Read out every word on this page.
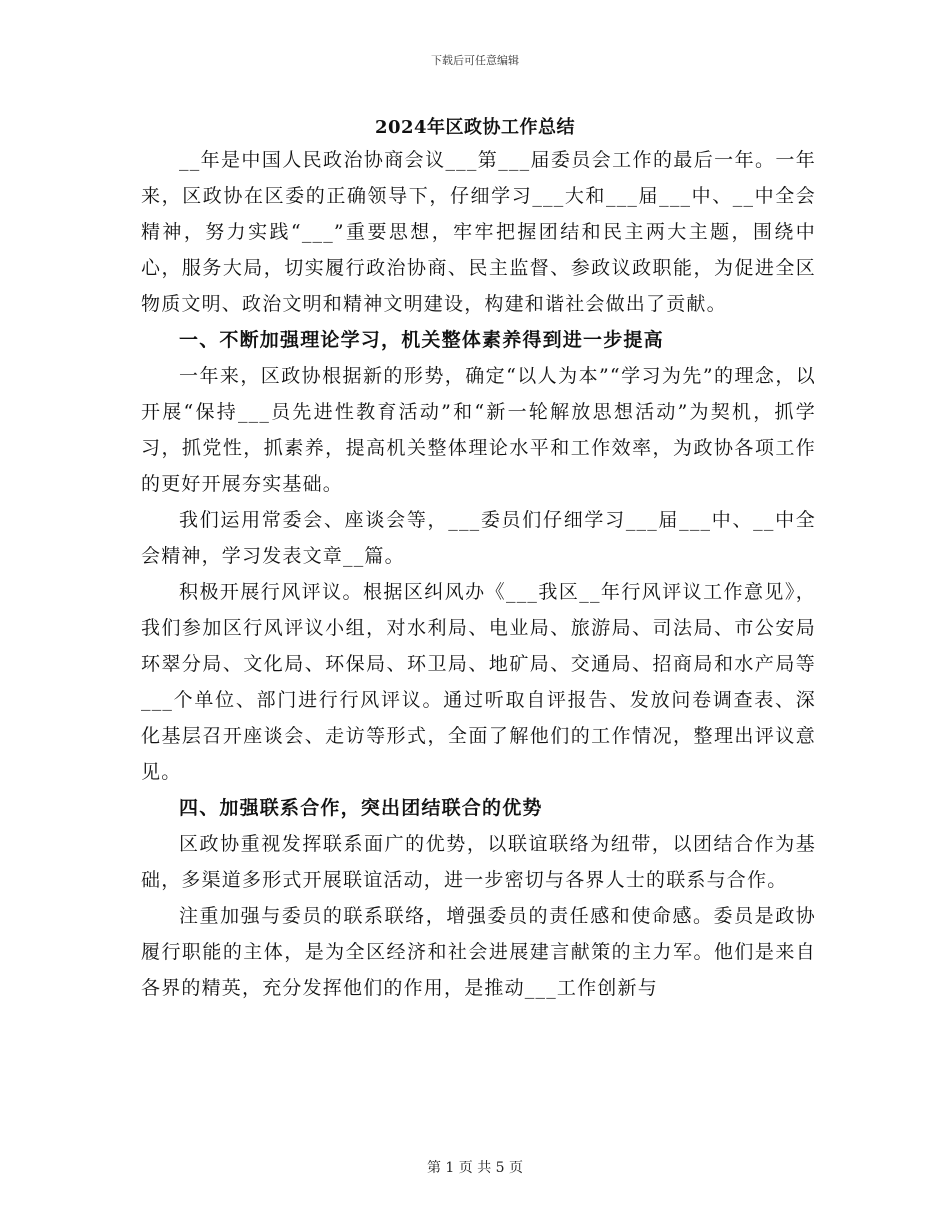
下载后可任意编辑
2024年区政协工作总结

__年是中国人民政治协商会议___第___届委员会工作的最后一年。一年来，区政协在区委的正确领导下，仔细学习___大和___届___中、__中全会精神，努力实践“___”重要思想，牢牢把握团结和民主两大主题，围绕中心，服务大局，切实履行政治协商、民主监督、参政议政职能，为促进全区物质文明、政治文明和精神文明建设，构建和谐社会做出了贡献。

一、不断加强理论学习，机关整体素养得到进一步提高

一年来，区政协根据新的形势，确定“以人为本”“学习为先”的理念，以开展“保持___员先进性教育活动”和“新一轮解放思想活动”为契机，抓学习，抓党性，抓素养，提高机关整体理论水平和工作效率，为政协各项工作的更好开展夯实基础。

我们运用常委会、座谈会等，___委员们仔细学习___届___中、__中全会精神，学习发表文章__篇。

积极开展行风评议。根据区纠风办《___我区__年行风评议工作意见》，我们参加区行风评议小组，对水利局、电业局、旅游局、司法局、市公安局环翠分局、文化局、环保局、环卫局、地矿局、交通局、招商局和水产局等___个单位、部门进行行风评议。通过听取自评报告、发放问卷调查表、深化基层召开座谈会、走访等形式，全面了解他们的工作情况，整理出评议意见。

四、加强联系合作，突出团结联合的优势

区政协重视发挥联系面广的优势，以联谊联络为纽带，以团结合作为基础，多渠道多形式开展联谊活动，进一步密切与各界人士的联系与合作。

注重加强与委员的联系联络，增强委员的责任感和使命感。委员是政协履行职能的主体，是为全区经济和社会进展建言献策的主力军。他们是来自各界的精英，充分发挥他们的作用，是推动___工作创新与

第 1 页 共 5 页
